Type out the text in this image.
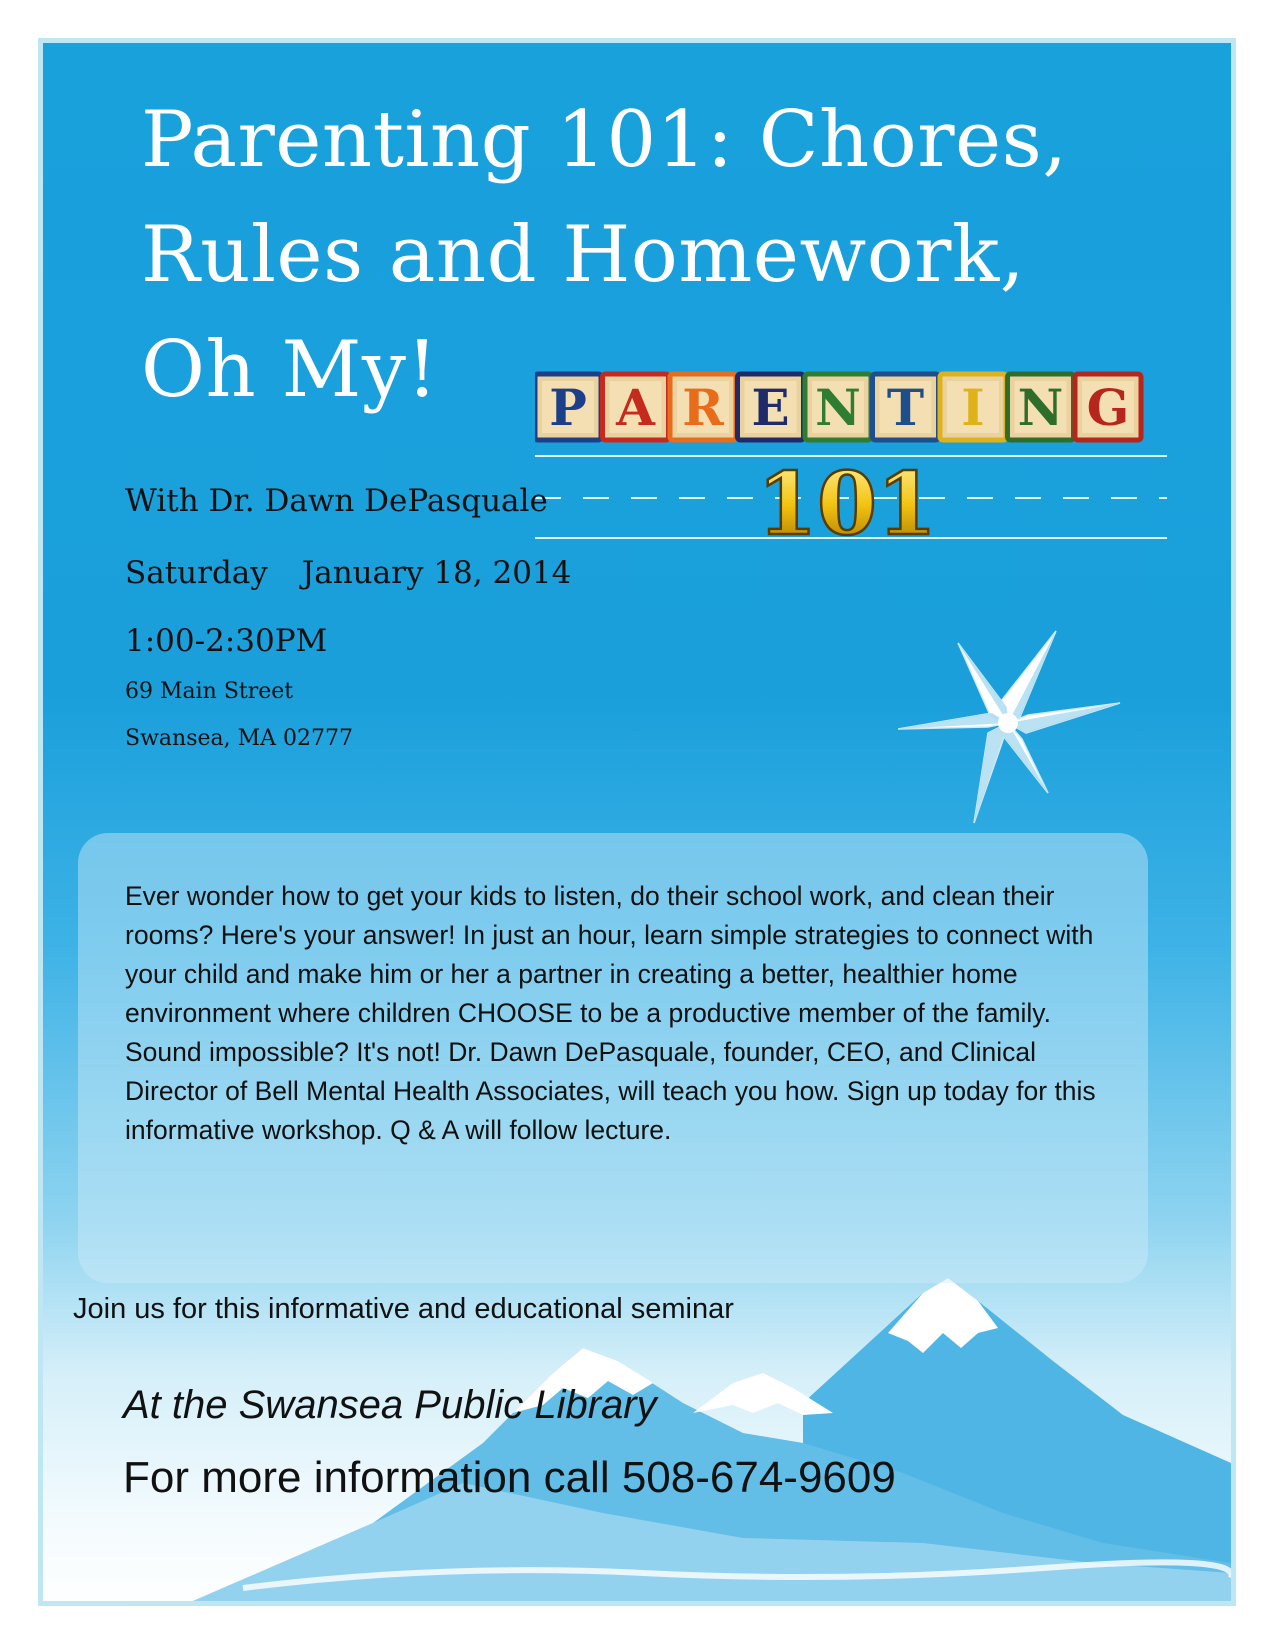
Parenting 101: Chores,
Rules and Homework,
Oh My!	P A R E N T I N G
101
With Dr. Dawn DePasquale
Saturday January 18, 2014
1:00-2:30PM
69 Main Street
Swansea, MA 02777

Ever wonder how to get your kids to listen, do their school work, and clean their rooms? Here's your answer! In just an hour, learn simple strategies to connect with your child and make him or her a partner in creating a better, healthier home environment where children CHOOSE to be a productive member of the family. Sound impossible? It's not! Dr. Dawn DePasquale, founder, CEO, and Clinical Director of Bell Mental Health Associates, will teach you how. Sign up today for this informative workshop. Q & A will follow lecture.

Join us for this informative and educational seminar

At the Swansea Public Library

For more information call 508-674-9609
